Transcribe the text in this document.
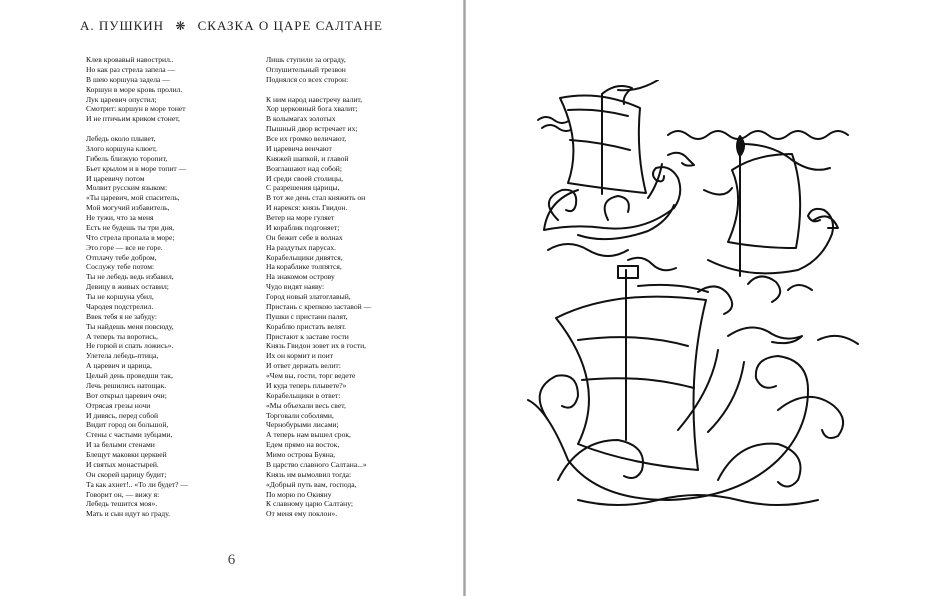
А. ПУШКИН ❋ СКАЗКА О ЦАРЕ САЛТАНЕ
Клев кровавый навострил..
Но как раз стрела запела —
В шею коршуна задела —
Коршун в море кровь пролил.
Лук царевич опустил;
Смотрит: коршун в море тонет
И не птичьим криком стонет,
Лебедь около плывет,
Злого коршуна клюет,
Гибель близкую торопит,
Бьет крылом и в море топит —
И царевичу потом
Молвит русским языком:
«Ты царевич, мой спаситель,
Мой могучий избавитель,
Не тужи, что за меня
Есть не будешь ты три дня,
Что стрела пропала в море;
Это горе — все не горе.
Отплачу тебе добром,
Сослужу тебе потом:
Ты не лебедь ведь избавил,
Девицу в живых оставил;
Ты не коршуна убил,
Чародея подстрелил.
Ввек тебя я не забуду:
Ты найдешь меня повсюду,
А теперь ты воротись,
Не горюй и спать ложись».
Улетела лебедь-птица,
А царевич и царица,
Целый день проведши так,
Лечь решились натощак.
Вот открыл царевич очи;
Отрясая грезы ночи
И дивясь, перед собой
Видит город он большой,
Стены с частыми зубцами,
И за белыми стенами
Блещут маковки церквей
И святых монастырей.
Он скорей царицу будит;
Та как ахнет!.. «То ли будет? —
Говорит он, — вижу я:
Лебедь тешится моя».
Мать и сын идут ко граду.
Лишь ступили за ограду,
Оглушительный трезвон
Поднялся со всех сторон:
К ним народ навстречу валит,
Хор церковный бога хвалит;
В колымагах золотых
Пышный двор встречает их;
Все их громко величают,
И царевича венчают
Княжей шапкой, и главой
Возглашают над собой;
И среди своей столицы,
С разрешения царицы,
В тот же день стал княжить он
И нарекся: князь Гвидон.
Ветер на море гуляет
И кораблик подгоняет;
Он бежит себе в волнах
На раздутых парусах.
Корабельщики дивятся,
На кораблике толпятся,
На знакомом острову
Чудо видят наяву:
Город новый златоглавый,
Пристань с крепкою заставой —
Пушки с пристани палят,
Кораблю пристать велят.
Пристают к заставе гости
Князь Гвидон зовет их в гости,
Их он кормит и поит
И ответ держать велит:
«Чем вы, гости, торг ведете
И куда теперь плывете?»
Корабельщики в ответ:
«Мы объехали весь свет,
Торговали соболями,
Чернобурыми лисами;
А теперь нам вышел срок,
Едем прямо на восток,
Мимо острова Буяна,
В царство славного Салтана...»
Князь им вымолвил тогда:
«Добрый путь вам, господа,
По морю по Окияну
К славному царю Салтану;
От меня ему поклон».
6
